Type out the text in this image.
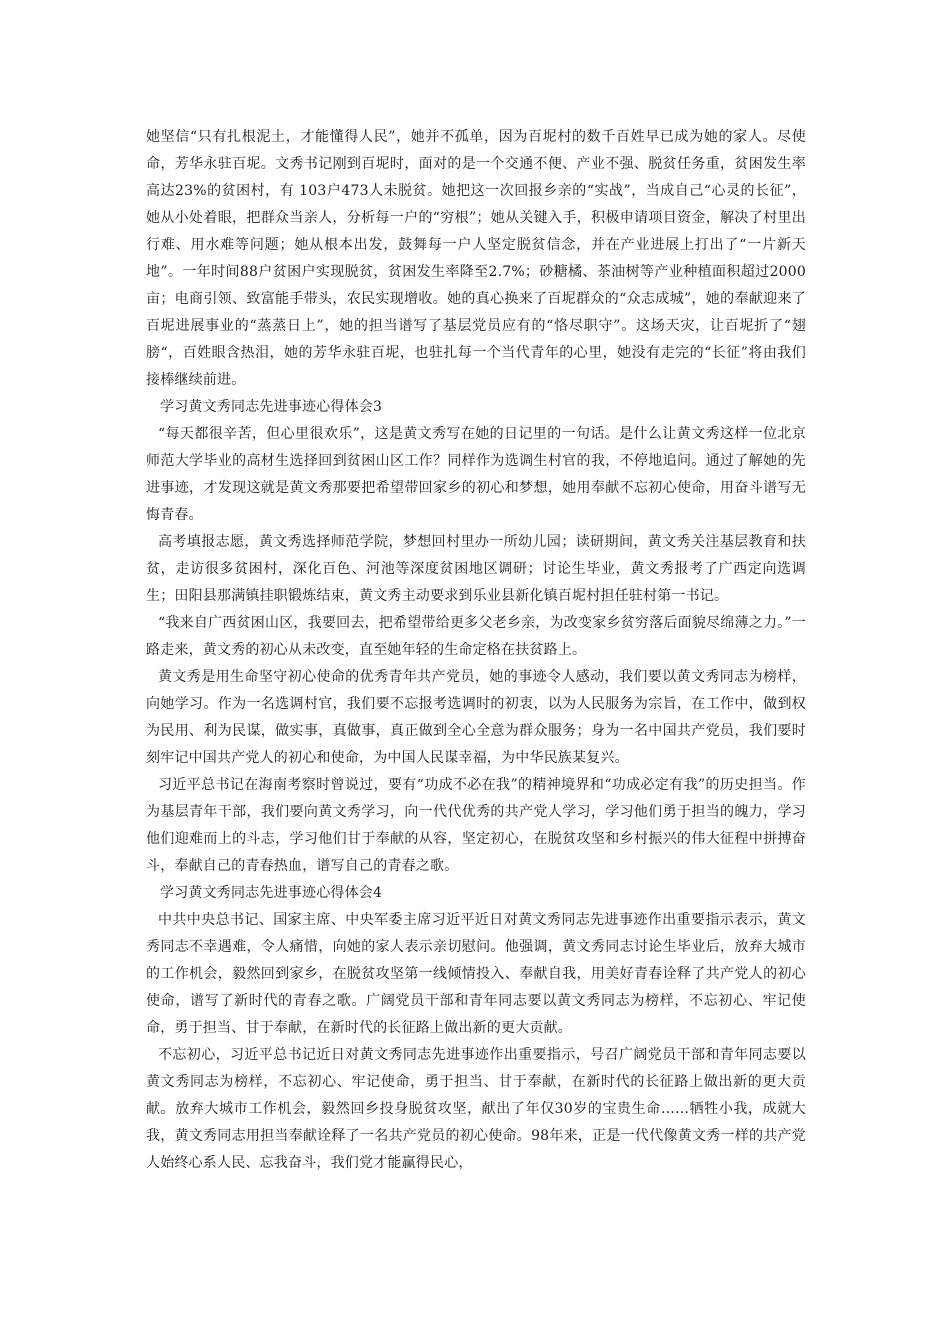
她坚信“只有扎根泥土，才能懂得人民”，她并不孤单，因为百坭村的数千百姓早已成为她的家人。尽使命，芳华永驻百坭。文秀书记刚到百坭时，面对的是一个交通不便、产业不强、脱贫任务重，贫困发生率高达23%的贫困村，有 103户473人未脱贫。她把这一次回报乡亲的“实战”，当成自己“心灵的长征”，她从小处着眼，把群众当亲人，分析每一户的“穷根”；她从关键入手，积极申请项目资金，解决了村里出行难、用水难等问题；她从根本出发，鼓舞每一户人坚定脱贫信念，并在产业进展上打出了“一片新天地”。一年时间88户贫困户实现脱贫，贫困发生率降至2.7%；砂糖橘、茶油树等产业种植面积超过2000亩；电商引领、致富能手带头，农民实现增收。她的真心换来了百坭群众的“众志成城”，她的奉献迎来了百坭进展事业的“蒸蒸日上”，她的担当谱写了基层党员应有的“恪尽职守”。这场天灾，让百坭折了“翅膀“，百姓眼含热泪，她的芳华永驻百坭，也驻扎每一个当代青年的心里，她没有走完的“长征”将由我们接棒继续前进。

学习黄文秀同志先进事迹心得体会3

“每天都很辛苦，但心里很欢乐”，这是黄文秀写在她的日记里的一句话。是什么让黄文秀这样一位北京师范大学毕业的高材生选择回到贫困山区工作？同样作为选调生村官的我，不停地追问。通过了解她的先进事迹，才发现这就是黄文秀那要把希望带回家乡的初心和梦想，她用奉献不忘初心使命，用奋斗谱写无悔青春。

高考填报志愿，黄文秀选择师范学院，梦想回村里办一所幼儿园；读研期间，黄文秀关注基层教育和扶贫，走访很多贫困村，深化百色、河池等深度贫困地区调研；讨论生毕业，黄文秀报考了广西定向选调生；田阳县那满镇挂职锻炼结束，黄文秀主动要求到乐业县新化镇百坭村担任驻村第一书记。

“我来自广西贫困山区，我要回去，把希望带给更多父老乡亲，为改变家乡贫穷落后面貌尽绵薄之力。”一路走来，黄文秀的初心从未改变，直至她年轻的生命定格在扶贫路上。

黄文秀是用生命坚守初心使命的优秀青年共产党员，她的事迹令人感动，我们要以黄文秀同志为榜样，向她学习。作为一名选调村官，我们要不忘报考选调时的初衷，以为人民服务为宗旨，在工作中，做到权为民用、利为民谋，做实事，真做事，真正做到全心全意为群众服务；身为一名中国共产党员，我们要时刻牢记中国共产党人的初心和使命，为中国人民谋幸福，为中华民族某复兴。

习近平总书记在海南考察时曾说过，要有“功成不必在我”的精神境界和“功成必定有我”的历史担当。作为基层青年干部，我们要向黄文秀学习，向一代代优秀的共产党人学习，学习他们勇于担当的魄力，学习他们迎难而上的斗志，学习他们甘于奉献的从容，坚定初心，在脱贫攻坚和乡村振兴的伟大征程中拼搏奋斗，奉献自己的青春热血，谱写自己的青春之歌。

学习黄文秀同志先进事迹心得体会4

中共中央总书记、国家主席、中央军委主席习近平近日对黄文秀同志先进事迹作出重要指示表示，黄文秀同志不幸遇难，令人痛惜，向她的家人表示亲切慰问。他强调，黄文秀同志讨论生毕业后，放弃大城市的工作机会，毅然回到家乡，在脱贫攻坚第一线倾情投入、奉献自我，用美好青春诠释了共产党人的初心使命，谱写了新时代的青春之歌。广阔党员干部和青年同志要以黄文秀同志为榜样，不忘初心、牢记使命，勇于担当、甘于奉献，在新时代的长征路上做出新的更大贡献。

不忘初心，习近平总书记近日对黄文秀同志先进事迹作出重要指示，号召广阔党员干部和青年同志要以黄文秀同志为榜样，不忘初心、牢记使命，勇于担当、甘于奉献，在新时代的长征路上做出新的更大贡献。放弃大城市工作机会，毅然回乡投身脱贫攻坚，献出了年仅30岁的宝贵生命……牺牲小我，成就大我，黄文秀同志用担当奉献诠释了一名共产党员的初心使命。98年来，正是一代代像黄文秀一样的共产党人始终心系人民、忘我奋斗，我们党才能赢得民心，
